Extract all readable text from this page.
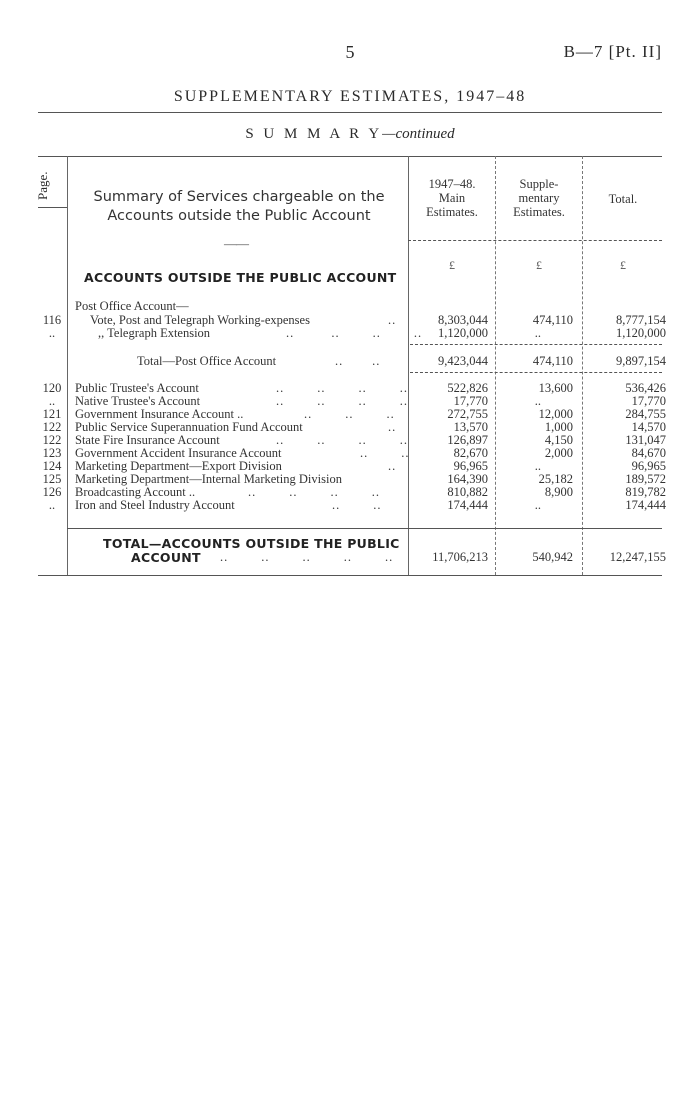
5	B—7 [Pt. II]
SUPPLEMENTARY ESTIMATES, 1947–48
S U M M A R Y—continued
Page.	Summary of Services chargeable on the Accounts outside the Public Account
——
1947–48.
Main
Estimates.
Supple-
mentary
Estimates.
Total.
£	£	£
ACCOUNTS OUTSIDE THE PUBLIC ACCOUNT
Post Office Account—
116	Vote, Post and Telegraph Working-expenses	..	8,303,044	474,110	8,777,154
..	,, Telegraph Extension	..         ..        ..        ..	1,120,000	..	1,120,000
Total—Post Office Account	..       ..	9,423,044	474,110	9,897,154
120	Public Trustee's Account	522,826	13,600	536,426
..	Native Trustee's Account	17,770	..	17,770
121	Government Insurance Account ..	272,755	12,000	284,755
122	Public Service Superannuation Fund Account	13,570	1,000	14,570
122	State Fire Insurance Account	126,897	4,150	131,047
123	Government Accident Insurance Account	82,670	2,000	84,670
124	Marketing Department—Export Division	96,965	..	96,965
125	Marketing Department—Internal Marketing Division	164,390	25,182	189,572
126	Broadcasting Account ..	810,882	8,900	819,782
..	Iron and Steel Industry Account	174,444	..	174,444
..        ..        ..        ..
..        ..        ..        ..
..        ..        ..
..
..        ..        ..        ..
..        ..
..
..        ..        ..        ..
..        ..
TOTAL—ACCOUNTS OUTSIDE THE PUBLIC
ACCOUNT ..        ..        ..        ..        ..	11,706,213	540,942	12,247,155
